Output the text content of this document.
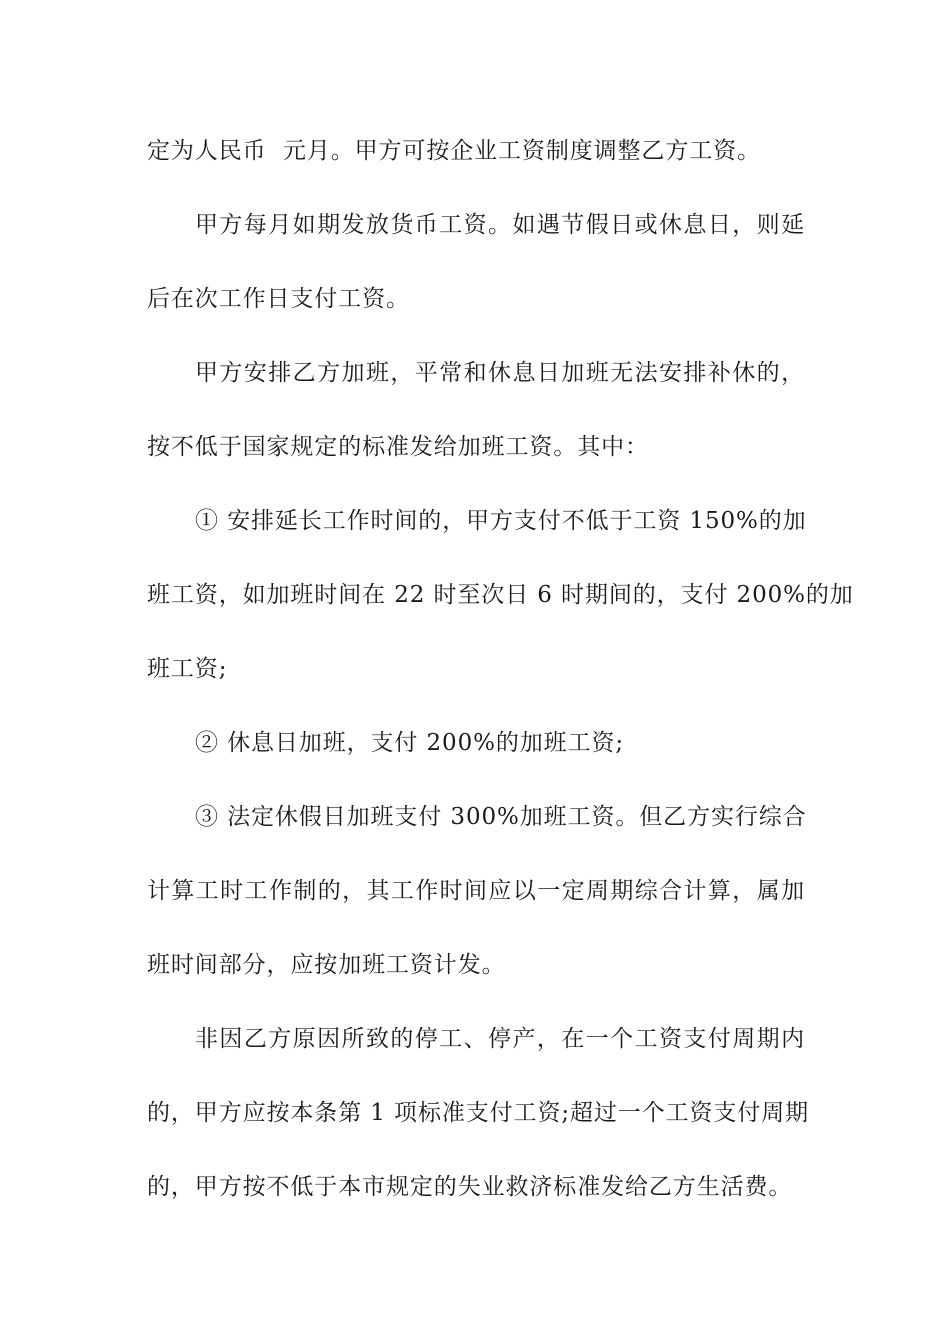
定为人民币  元月。甲方可按企业工资制度调整乙方工资。
甲方每月如期发放货币工资。如遇节假日或休息日，则延
后在次工作日支付工资。
甲方安排乙方加班，平常和休息日加班无法安排补休的，
按不低于国家规定的标准发给加班工资。其中：
① 安排延长工作时间的，甲方支付不低于工资 150%的加
班工资，如加班时间在 22 时至次日 6 时期间的，支付 200%的加
班工资;
② 休息日加班，支付 200%的加班工资;
③ 法定休假日加班支付 300%加班工资。但乙方实行综合
计算工时工作制的，其工作时间应以一定周期综合计算，属加
班时间部分，应按加班工资计发。
非因乙方原因所致的停工、停产，在一个工资支付周期内
的，甲方应按本条第 1 项标准支付工资;超过一个工资支付周期
的，甲方按不低于本市规定的失业救济标准发给乙方生活费。
